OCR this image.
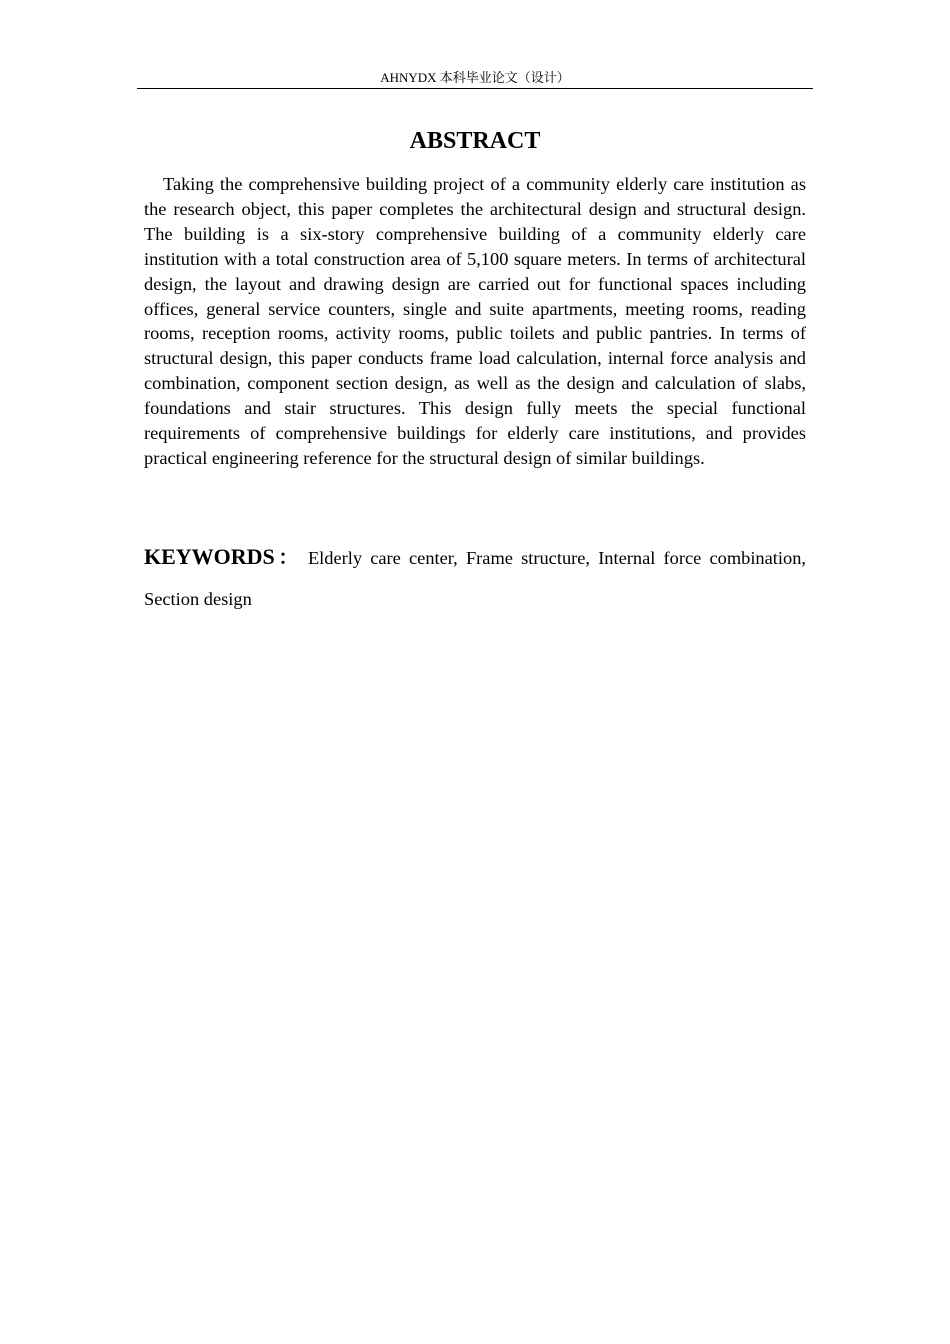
AHNYDX 本科毕业论文（设计）
ABSTRACT

Taking the comprehensive building project of a community elderly care institution as the research object, this paper completes the architectural design and structural design. The building is a six-story comprehensive building of a community elderly care institution with a total construction area of 5,100 square meters. In terms of architectural design, the layout and drawing design are carried out for functional spaces including offices, general service counters, single and suite apartments, meeting rooms, reading rooms, reception rooms, activity rooms, public toilets and public pantries. In terms of structural design, this paper conducts frame load calculation, internal force analysis and combination, component section design, as well as the design and calculation of slabs, foundations and stair structures. This design fully meets the special functional requirements of comprehensive buildings for elderly care institutions, and provides practical engineering reference for the structural design of similar buildings.

KEYWORDS： Elderly care center, Frame structure, Internal force combination, Section design
